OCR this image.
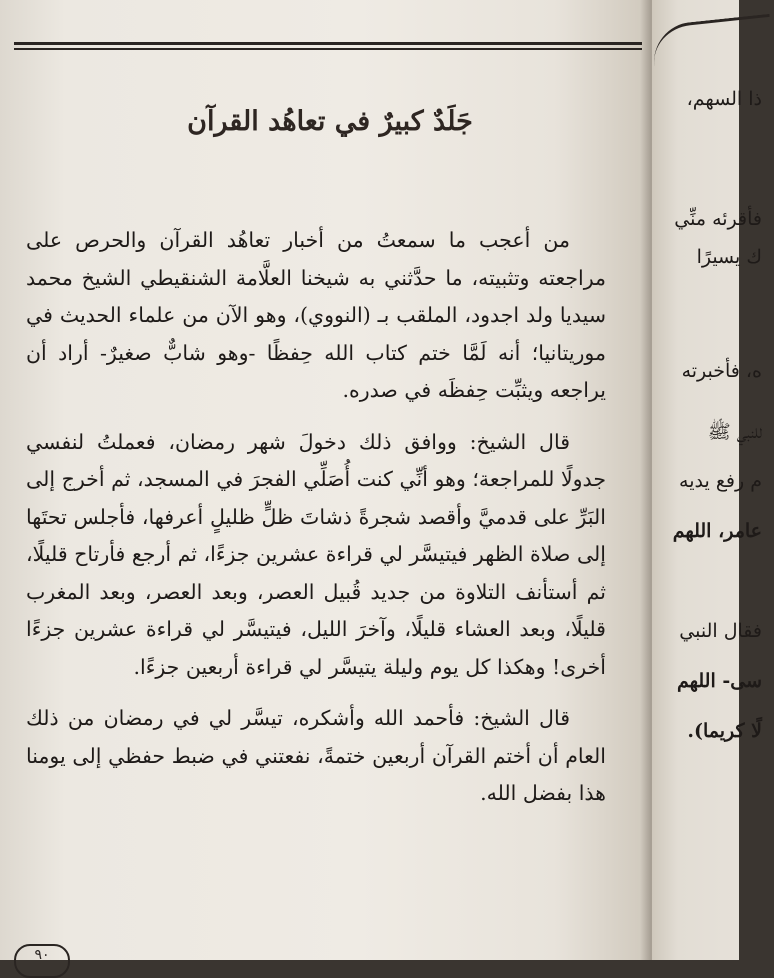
جَلَدٌ كبيرٌ في تعاهُد القرآن

من أعجب ما سمعتُ من أخبار تعاهُد القرآن والحرص على مراجعته وتثبيته، ما حدَّثني به شيخنا العلَّامة الشنقيطي الشيخ محمد سيديا ولد اجدود، الملقب بـ (النووي)، وهو الآن من علماء الحديث في موريتانيا؛ أنه لَمَّا ختم كتاب الله حِفظًا -وهو شابٌّ صغيرٌ- أراد أن يراجعه ويثبِّت حِفظَه في صدره.

قال الشيخ: ووافق ذلك دخولَ شهر رمضان، فعملتُ لنفسي جدولًا للمراجعة؛ وهو أنِّي كنت أُصَلِّي الفجرَ في المسجد، ثم أخرج إلى البَرِّ على قدميَّ وأقصد شجرةً ذشاتَ ظلٍّ ظليلٍ أعرفها، فأجلس تحتَها إلى صلاة الظهر فيتيسَّر لي قراءة عشرين جزءًا، ثم أرجع فأرتاح قليلًا، ثم أستأنف التلاوة من جديد قُبيل العصر، وبعد العصر، وبعد المغرب قليلًا، وبعد العشاء قليلًا، وآخرَ الليل، فيتيسَّر لي قراءة عشرين جزءًا أخرى! وهكذا كل يوم وليلة يتيسَّر لي قراءة أربعين جزءًا.

قال الشيخ: فأحمد الله وأشكره، تيسَّر لي في رمضان من ذلك العام أن أختم القرآن أربعين ختمةً، نفعتني في ضبط حفظي إلى يومنا هذا بفضل الله.

٩٠
ذا السهم،
فأقرئه منِّي
ك يسيرًا
ه، فأخبرته
للنبي ﷺ
م رفع يديه
عامر، اللهم
فقال النبي
سى- اللهم
لًا كريما).
